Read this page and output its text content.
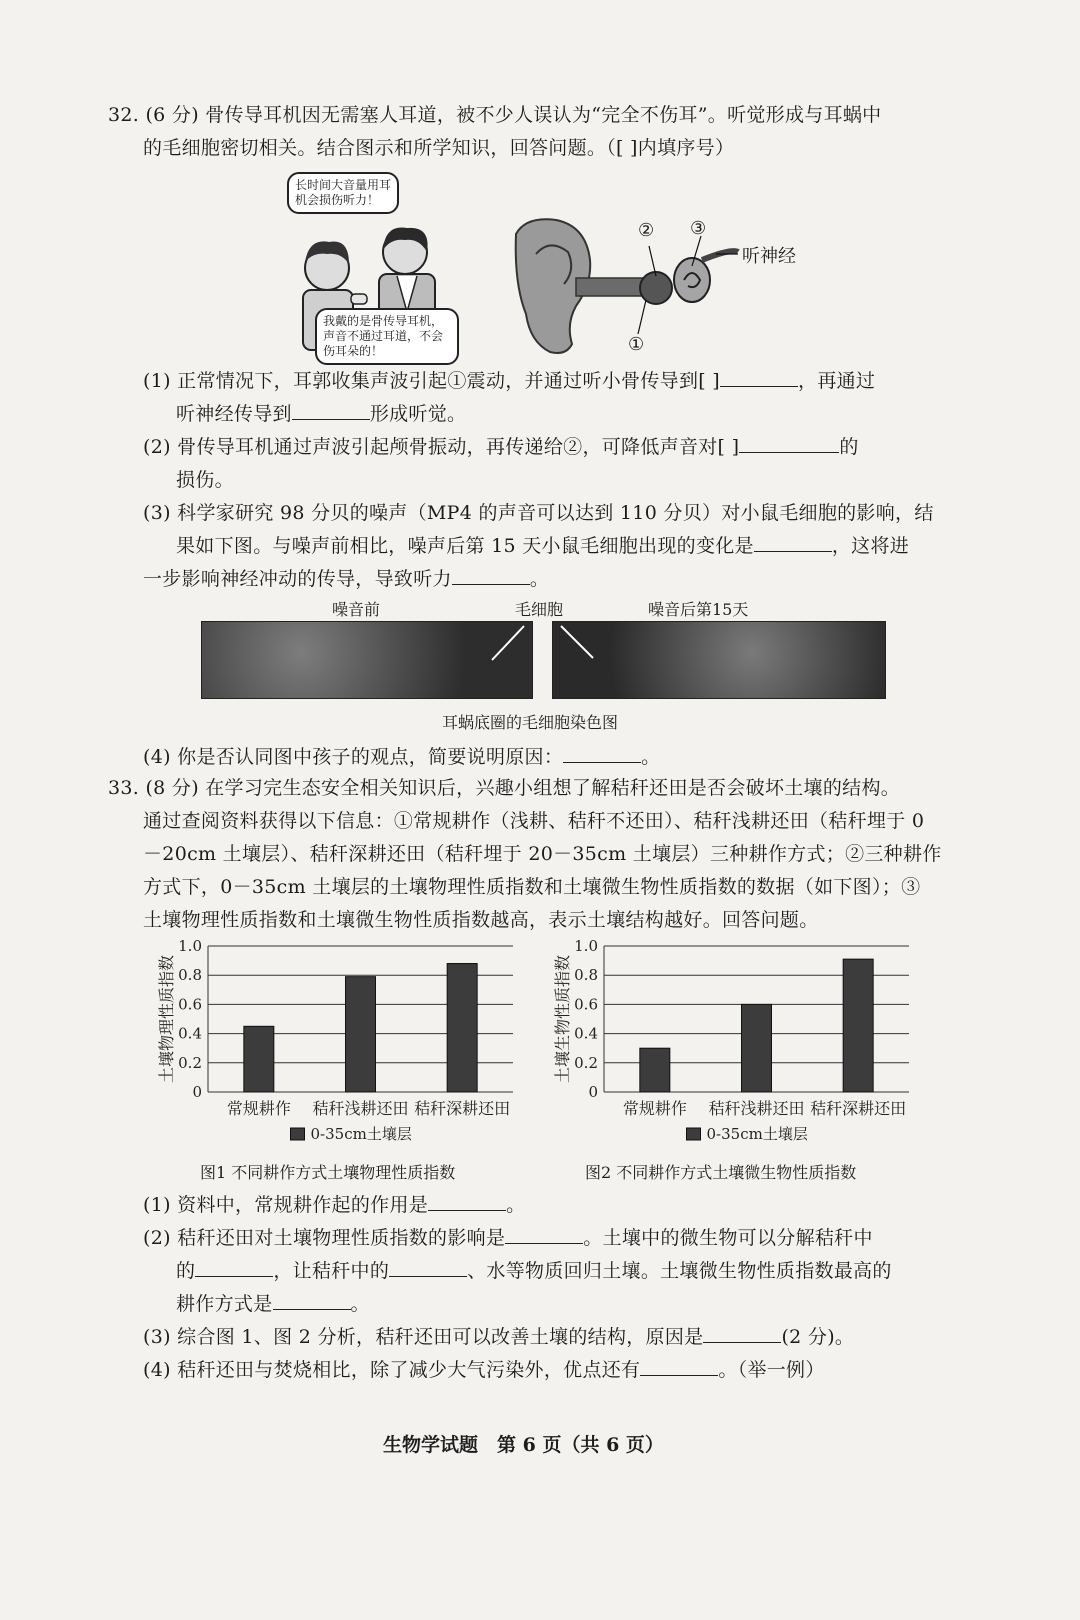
32. (6 分) 骨传导耳机因无需塞人耳道，被不少人误认为“完全不伤耳”。听觉形成与耳蜗中
的毛细胞密切相关。结合图示和所学知识，回答问题。（[ ]内填序号）
长时间大音量用耳机会损伤听力！
我戴的是骨传导耳机，声音不通过耳道，不会伤耳朵的！
② ③
①
听神经
(1) 正常情况下，耳郭收集声波引起①震动，并通过听小骨传导到[ ]	，再通过
听神经传导到	形成听觉。
(2) 骨传导耳机通过声波引起颅骨振动，再传递给②，可降低声音对[ ]	的
损伤。
(3) 科学家研究 98 分贝的噪声（MP4 的声音可以达到 110 分贝）对小鼠毛细胞的影响，结
果如下图。与噪声前相比，噪声后第 15 天小鼠毛细胞出现的变化是	，这将进
一步影响神经冲动的传导，导致听力	。
噪音前	毛细胞	噪音后第15天
耳蜗底圈的毛细胞染色图
(4) 你是否认同图中孩子的观点，简要说明原因：	。
33. (8 分) 在学习完生态安全相关知识后，兴趣小组想了解秸秆还田是否会破坏土壤的结构。
通过查阅资料获得以下信息：①常规耕作（浅耕、秸秆不还田）、秸秆浅耕还田（秸秆埋于 0
－20cm 土壤层）、秸秆深耕还田（秸秆埋于 20－35cm 土壤层）三种耕作方式；②三种耕作
方式下，0－35cm 土壤层的土壤物理性质指数和土壤微生物性质指数的数据（如下图）；③
土壤物理性质指数和土壤微生物性质指数越高，表示土壤结构越好。回答问题。
土壤物理性质指数
0
0.2
0.4
0.6
0.8
1.0
常规耕作 秸秆浅耕还田 秸秆深耕还田
0-35cm土壤层
图1 不同耕作方式土壤物理性质指数
土壤生物性质指数
0
0.2
0.4
0.6
0.8
1.0
常规耕作 秸秆浅耕还田 秸秆深耕还田
0-35cm土壤层
图2 不同耕作方式土壤微生物性质指数
(1) 资料中，常规耕作起的作用是	。
(2) 秸秆还田对土壤物理性质指数的影响是	。土壤中的微生物可以分解秸秆中
的	，让秸秆中的	、水等物质回归土壤。土壤微生物性质指数最高的
耕作方式是	。
(3) 综合图 1、图 2 分析，秸秆还田可以改善土壤的结构，原因是	(2 分)。
(4) 秸秆还田与焚烧相比，除了减少大气污染外，优点还有	。（举一例）
生物学试题　第 6 页（共 6 页）
